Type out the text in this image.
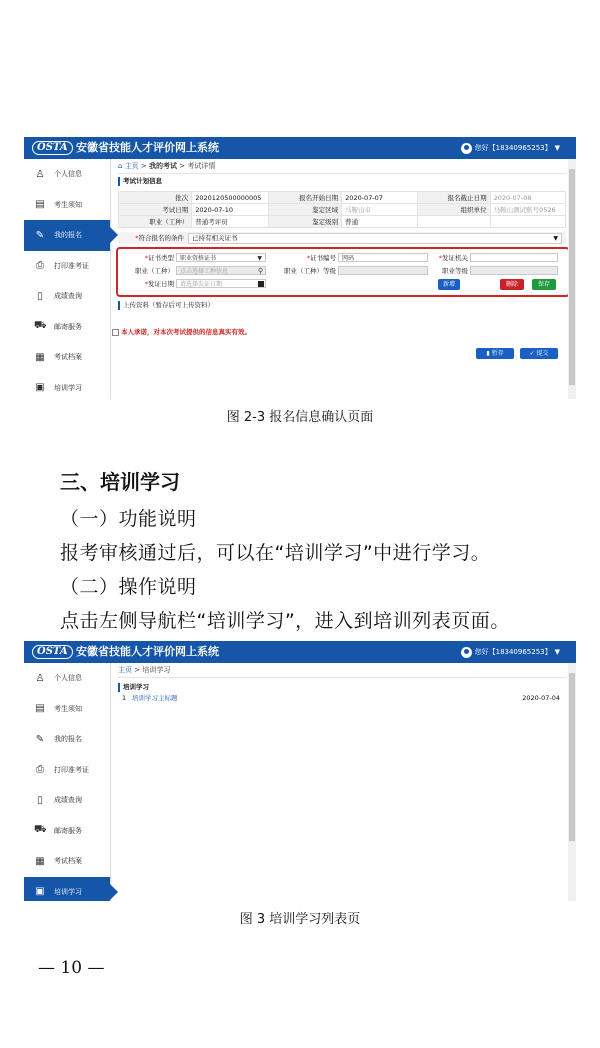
OSTA 安徽省技能人才评价网上系统	您好【18340965253】 ▼
♙ 个人信息
▤ 考生须知
✎ 我的报名
⎙ 打印准考证
▯	成绩查询
⛟ 邮寄服务
▦ 考试档案
▣ 培训学习
⌂ 主页 > 我的考试 > 考试详情
考试计划信息
批次	2020120500000005	报名开始日期	2020-07-07	报名截止日期	2020-07-08
考试日期	2020-07-10	鉴定区域	马鞍山市	组织单位	马鞍山测试账号0526
职业（工种）	普通考评员	鉴定级别	普通		
*符合报名的条件	已持有相关证书	▼
*证书类型	职业资格证书	▼	*证书编号	网码	*发证机关
职业（工种）	点击选择工种信息	⚲	职业（工种）等级	职业等级
*发证日期	请选择发证日期	新增	删除	保存
上传资料（暂存后可上传资料）
本人承诺，对本次考试提供的信息真实有效。
▮ 暂存	✓ 提交
图 2-3 报名信息确认页面
三、培训学习
（一）功能说明
报考审核通过后，可以在“培训学习”中进行学习。
（二）操作说明
点击左侧导航栏“培训学习”，进入到培训列表页面。
OSTA 安徽省技能人才评价网上系统	您好【18340965253】 ▼
♙ 个人信息
▤ 考生须知
✎ 我的报名
⎙ 打印准考证
▯	成绩查询
⛟ 邮寄服务
▦ 考试档案
▣ 培训学习
主页 > 培训学习
培训学习
1 培训学习主标题	2020-07-04
图 3 培训学习列表页
— 10 —
